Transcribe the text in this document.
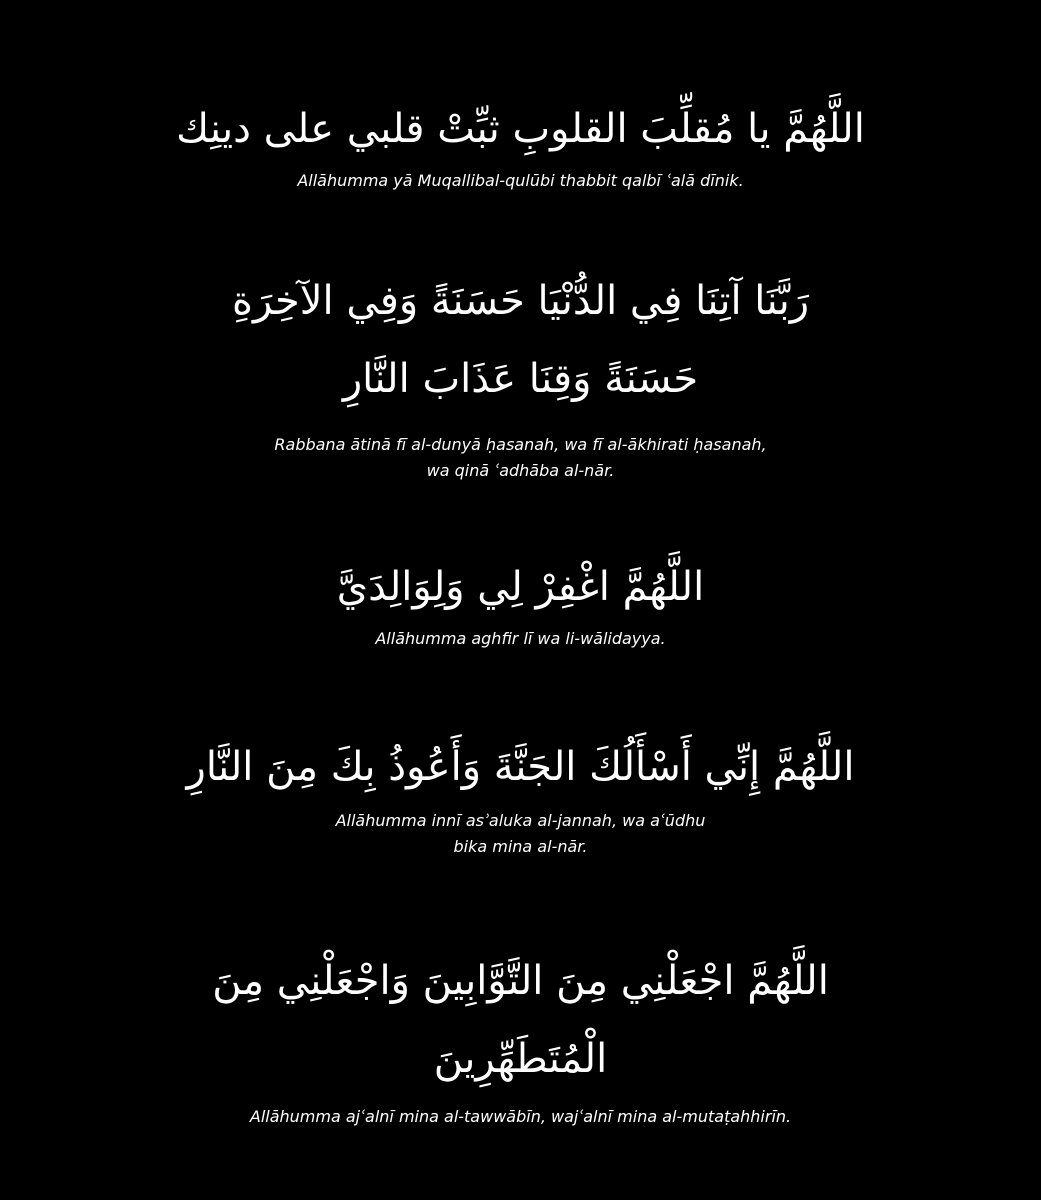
اللَّهُمَّ يا مُقلِّبَ القلوبِ ثبِّتْ قلبي على دينِك

Allāhumma yā Muqallibal-qulūbi thabbit qalbī ʿalā dīnik.

رَبَّنَا آتِنَا فِي الدُّنْيَا حَسَنَةً وَفِي الآخِرَةِ
حَسَنَةً وَقِنَا عَذَابَ النَّارِ

Rabbana ātinā fī al-dunyā ḥasanah, wa fī al-ākhirati ḥasanah,
wa qinā ʿadhāba al-nār.

اللَّهُمَّ اغْفِرْ لِي وَلِوَالِدَيَّ

Allāhumma aghfir lī wa li-wālidayya.

اللَّهُمَّ إِنِّي أَسْأَلُكَ الجَنَّةَ وَأَعُوذُ بِكَ مِنَ النَّارِ

Allāhumma innī asʾaluka al-jannah, wa aʿūdhu
bika mina al-nār.

اللَّهُمَّ اجْعَلْنِي مِنَ التَّوَّابِينَ وَاجْعَلْنِي مِنَ
الْمُتَطَهِّرِينَ

Allāhumma ajʿalnī mina al-tawwābīn, wajʿalnī mina al-mutaṭahhirīn.
